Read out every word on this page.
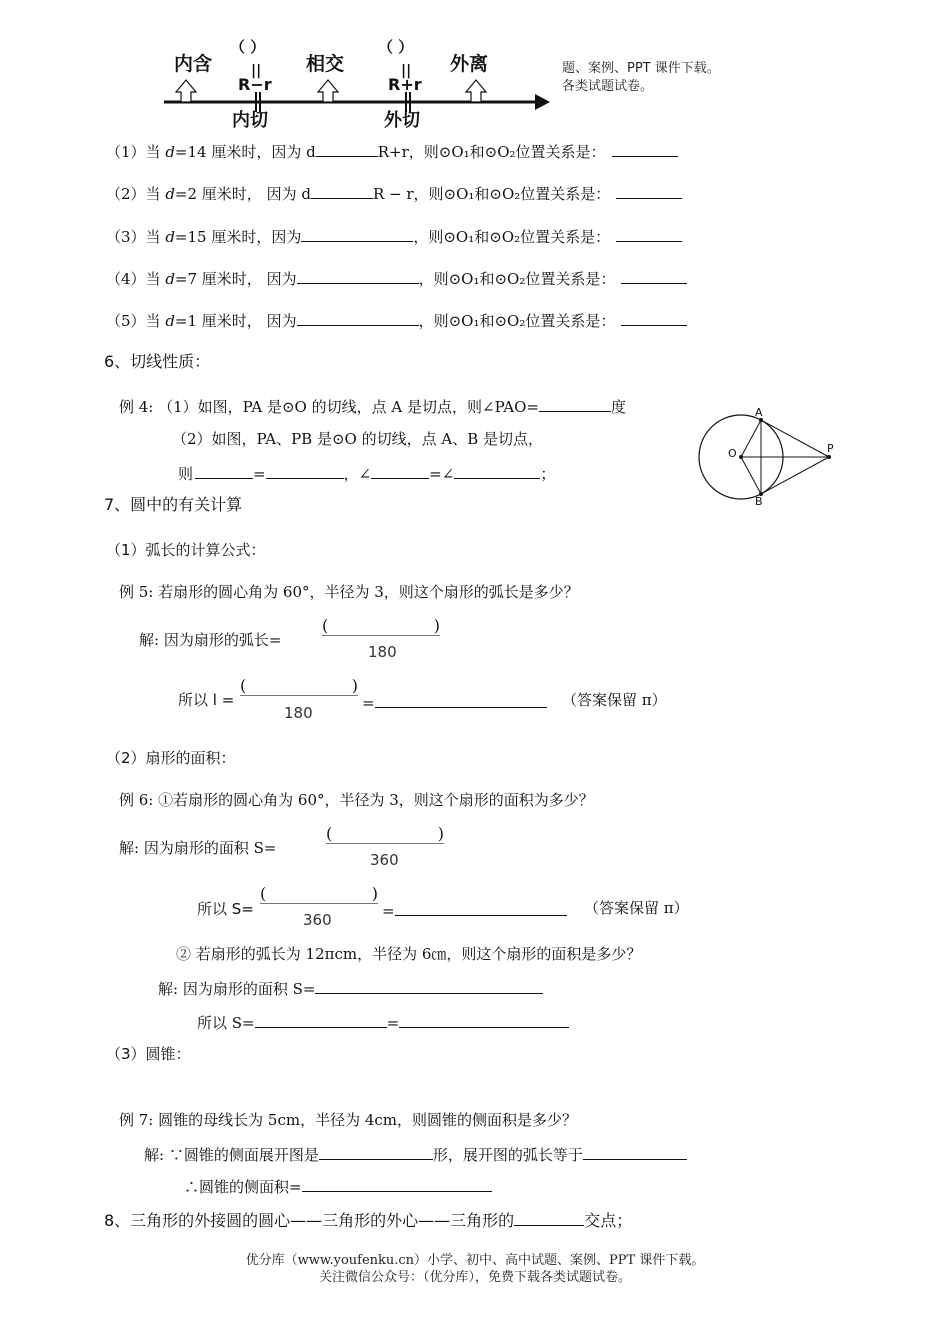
内含
（ ）
||
R−r
相交
（ ）
||
R+r
外离
内切	外切
题、案例、PPT 课件下载。
各类试题试卷。
（1）当 d=14 厘米时，因为 d	R+r，则⊙O₁和⊙O₂位置关系是：
（2）当 d=2 厘米时， 因为 d	R − r，则⊙O₁和⊙O₂位置关系是：
（3）当 d=15 厘米时，因为	，则⊙O₁和⊙O₂位置关系是：
（4）当 d=7 厘米时， 因为	，则⊙O₁和⊙O₂位置关系是：
（5）当 d=1 厘米时， 因为	，则⊙O₁和⊙O₂位置关系是：
6、切线性质：
例 4: （1）如图，PA 是⊙O 的切线，点 A 是切点，则∠PAO=	度
（2）如图，PA、PB 是⊙O 的切线，点 A、B 是切点，
则	=	，∠	=∠	；
A
O	P
B
7、圆中的有关计算
（1）弧长的计算公式：
例 5: 若扇形的圆心角为 60°，半径为 3，则这个扇形的弧长是多少？
解: 因为扇形的弧长=
(	)
180
所以 l =
(	)
180
=	（答案保留 π）
（2）扇形的面积：
例 6: ①若扇形的圆心角为 60°，半径为 3，则这个扇形的面积为多少？
解: 因为扇形的面积 S=
(	)
360
所以 S=
(	)
360	=	（答案保留 π）
② 若扇形的弧长为 12πcm，半径为 6㎝，则这个扇形的面积是多少？
解: 因为扇形的面积 S=
所以 S=	=
（3）圆锥：
例 7: 圆锥的母线长为 5cm，半径为 4cm，则圆锥的侧面积是多少？
解: ∵圆锥的侧面展开图是	形，展开图的弧长等于
∴圆锥的侧面积=
8、三角形的外接圆的圆心——三角形的外心——三角形的	交点；
优分库（www.youfenku.cn）小学、初中、高中试题、案例、PPT 课件下载。
关注微信公众号：（优分库），免费下载各类试题试卷。
